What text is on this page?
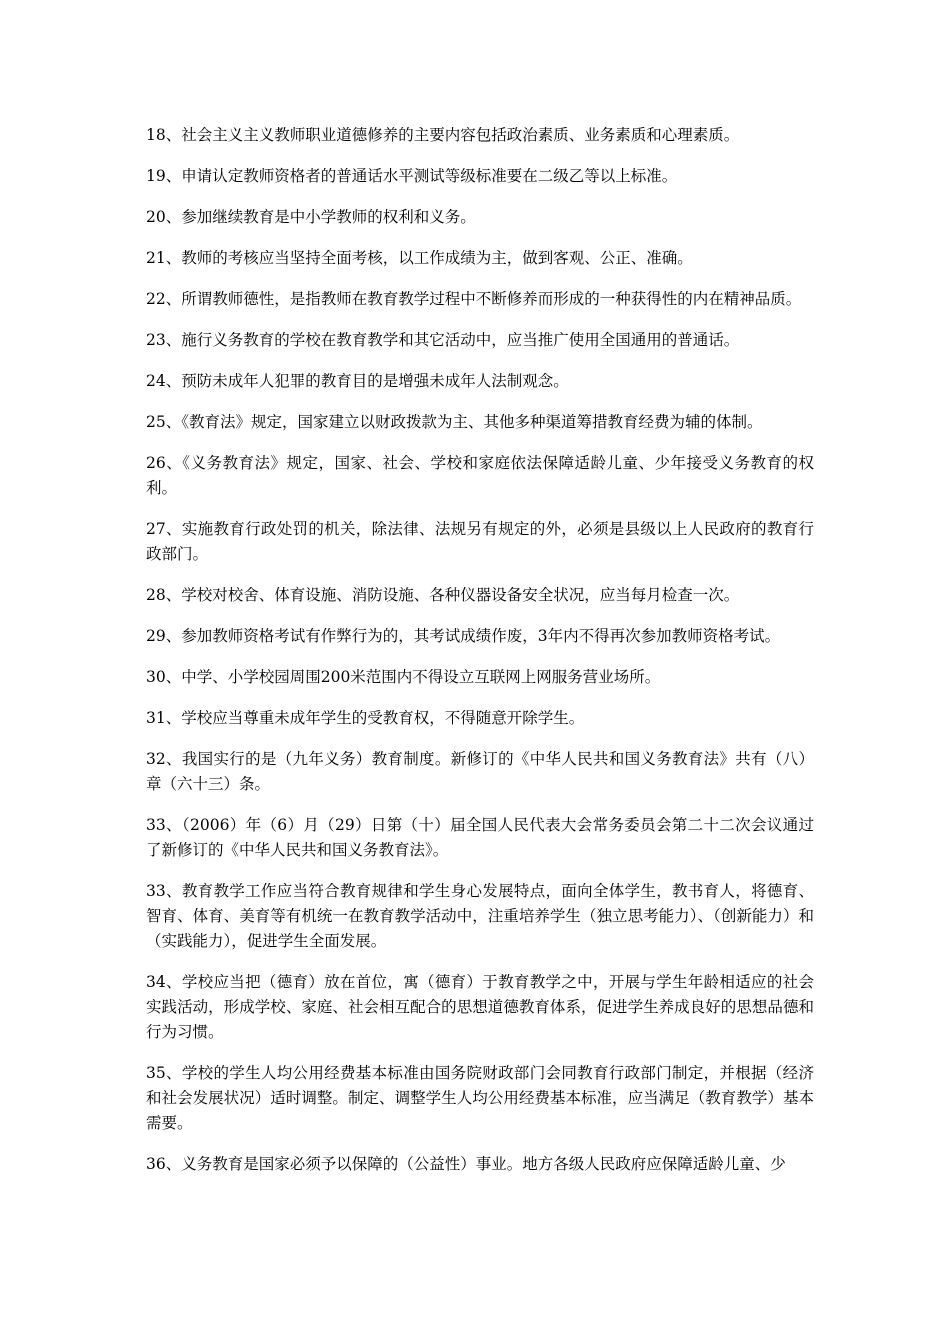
18、社会主义主义教师职业道德修养的主要内容包括政治素质、业务素质和心理素质。

19、申请认定教师资格者的普通话水平测试等级标准要在二级乙等以上标准。

20、参加继续教育是中小学教师的权利和义务。

21、教师的考核应当坚持全面考核，以工作成绩为主，做到客观、公正、准确。

22、所谓教师德性，是指教师在教育教学过程中不断修养而形成的一种获得性的内在精神品质。

23、施行义务教育的学校在教育教学和其它活动中，应当推广使用全国通用的普通话。

24、预防未成年人犯罪的教育目的是增强未成年人法制观念。

25、《教育法》规定，国家建立以财政拨款为主、其他多种渠道筹措教育经费为辅的体制。

26、《义务教育法》规定，国家、社会、学校和家庭依法保障适龄儿童、少年接受义务教育的权利。

27、实施教育行政处罚的机关，除法律、法规另有规定的外，必须是县级以上人民政府的教育行政部门。

28、学校对校舍、体育设施、消防设施、各种仪器设备安全状况，应当每月检查一次。

29、参加教师资格考试有作弊行为的，其考试成绩作废，3年内不得再次参加教师资格考试。

30、中学、小学校园周围200米范围内不得设立互联网上网服务营业场所。

31、学校应当尊重未成年学生的受教育权，不得随意开除学生。

32、我国实行的是（九年义务）教育制度。新修订的《中华人民共和国义务教育法》共有（八）章（六十三）条。

33、（2006）年（6）月（29）日第（十）届全国人民代表大会常务委员会第二十二次会议通过了新修订的《中华人民共和国义务教育法》。

33、教育教学工作应当符合教育规律和学生身心发展特点，面向全体学生，教书育人，将德育、智育、体育、美育等有机统一在教育教学活动中，注重培养学生（独立思考能力）、（创新能力）和（实践能力），促进学生全面发展。

34、学校应当把（德育）放在首位，寓（德育）于教育教学之中，开展与学生年龄相适应的社会实践活动，形成学校、家庭、社会相互配合的思想道德教育体系，促进学生养成良好的思想品德和行为习惯。

35、学校的学生人均公用经费基本标准由国务院财政部门会同教育行政部门制定，并根据（经济和社会发展状况）适时调整。制定、调整学生人均公用经费基本标准，应当满足（教育教学）基本需要。

36、义务教育是国家必须予以保障的（公益性）事业。地方各级人民政府应保障适龄儿童、少
